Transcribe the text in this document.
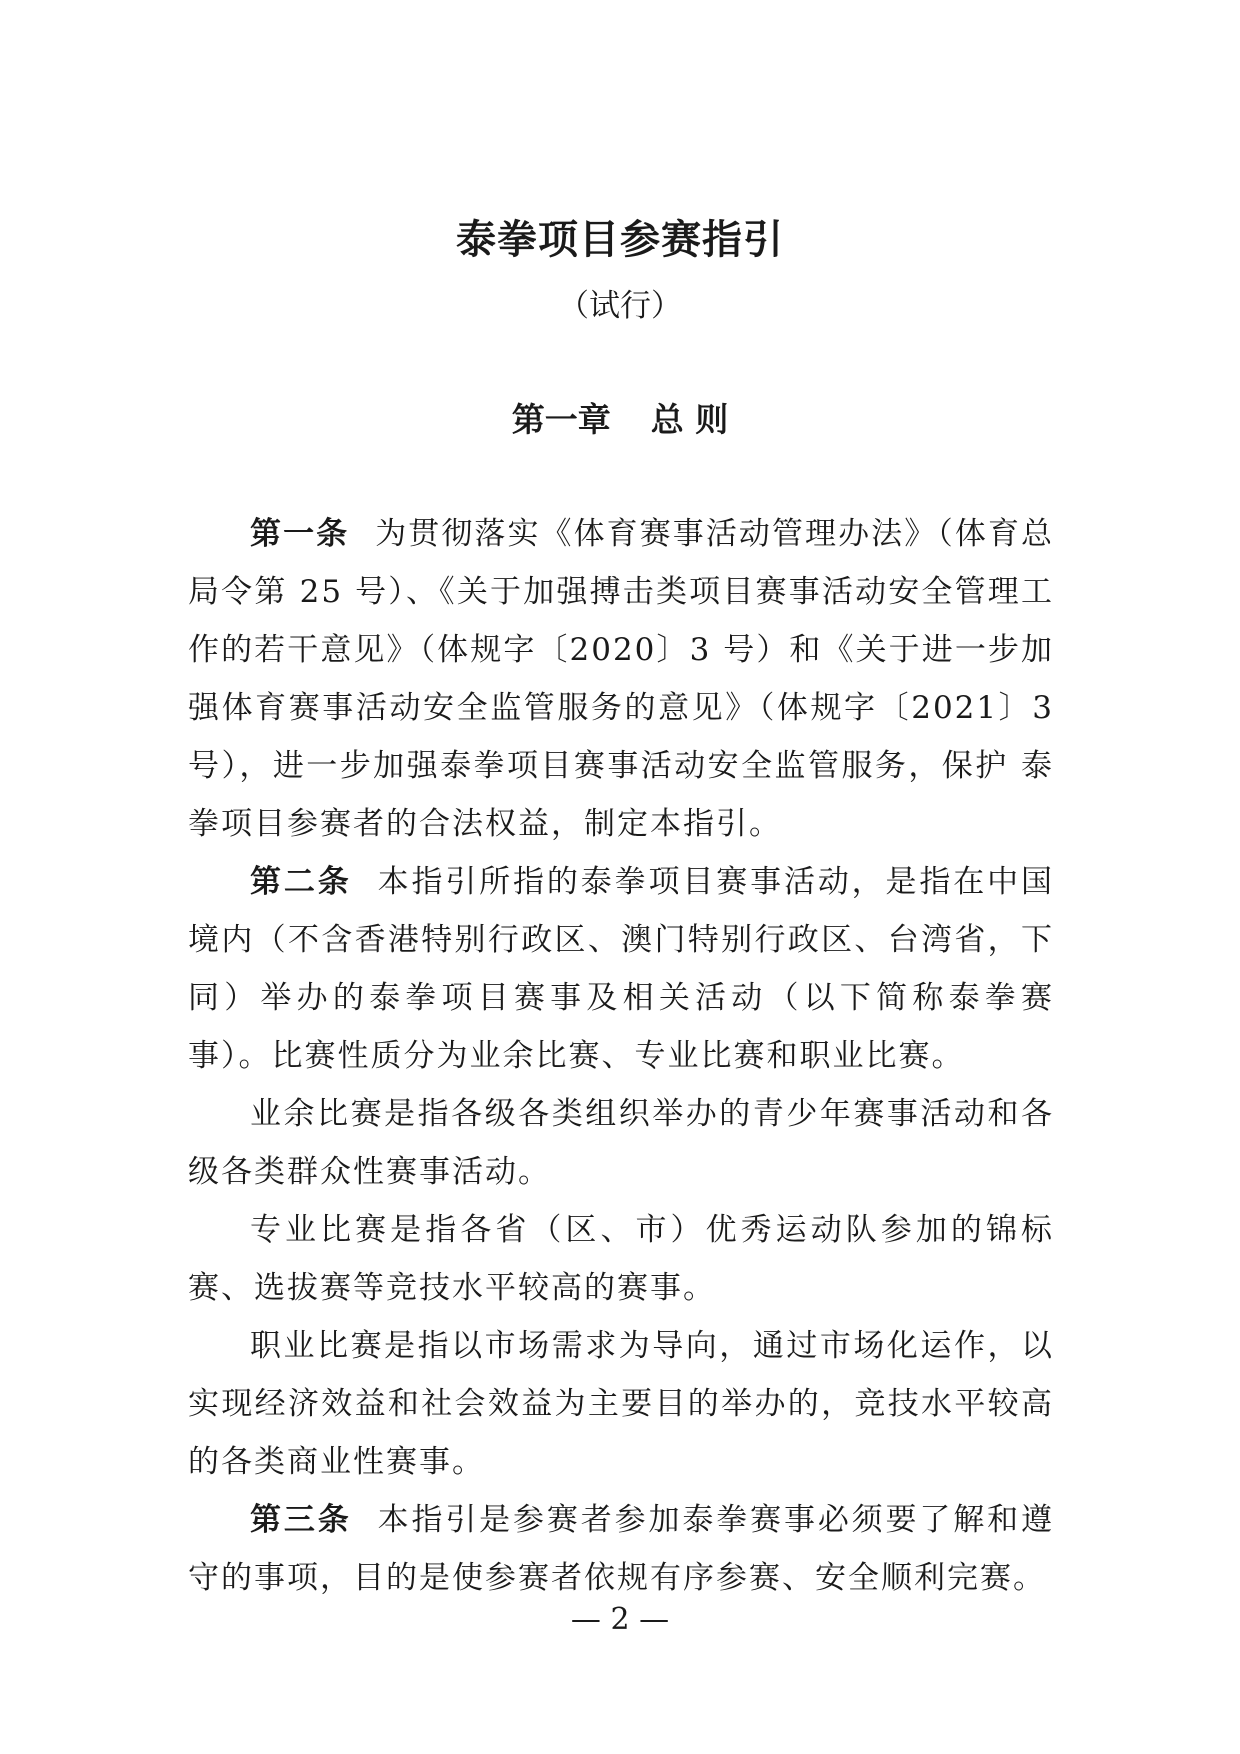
泰拳项目参赛指引
（试行）
第一章 总 则

第一条 为贯彻落实《体育赛事活动管理办法》（体育总局令第 25 号）、《关于加强搏击类项目赛事活动安全管理工作的若干意见》（体规字〔2020〕3 号）和《关于进一步加强体育赛事活动安全监管服务的意见》（体规字〔2021〕3 号），进一步加强泰拳项目赛事活动安全监管服务，保护 泰拳项目参赛者的合法权益，制定本指引。

第二条 本指引所指的泰拳项目赛事活动，是指在中国境内（不含香港特别行政区、澳门特别行政区、台湾省，下同）举办的泰拳项目赛事及相关活动（以下简称泰拳赛事）。比赛性质分为业余比赛、专业比赛和职业比赛。

业余比赛是指各级各类组织举办的青少年赛事活动和各级各类群众性赛事活动。

专业比赛是指各省（区、市）优秀运动队参加的锦标赛、选拔赛等竞技水平较高的赛事。

职业比赛是指以市场需求为导向，通过市场化运作，以实现经济效益和社会效益为主要目的举办的，竞技水平较高的各类商业性赛事。

第三条 本指引是参赛者参加泰拳赛事必须要了解和遵守的事项，目的是使参赛者依规有序参赛、安全顺利完赛。

— 2 —
